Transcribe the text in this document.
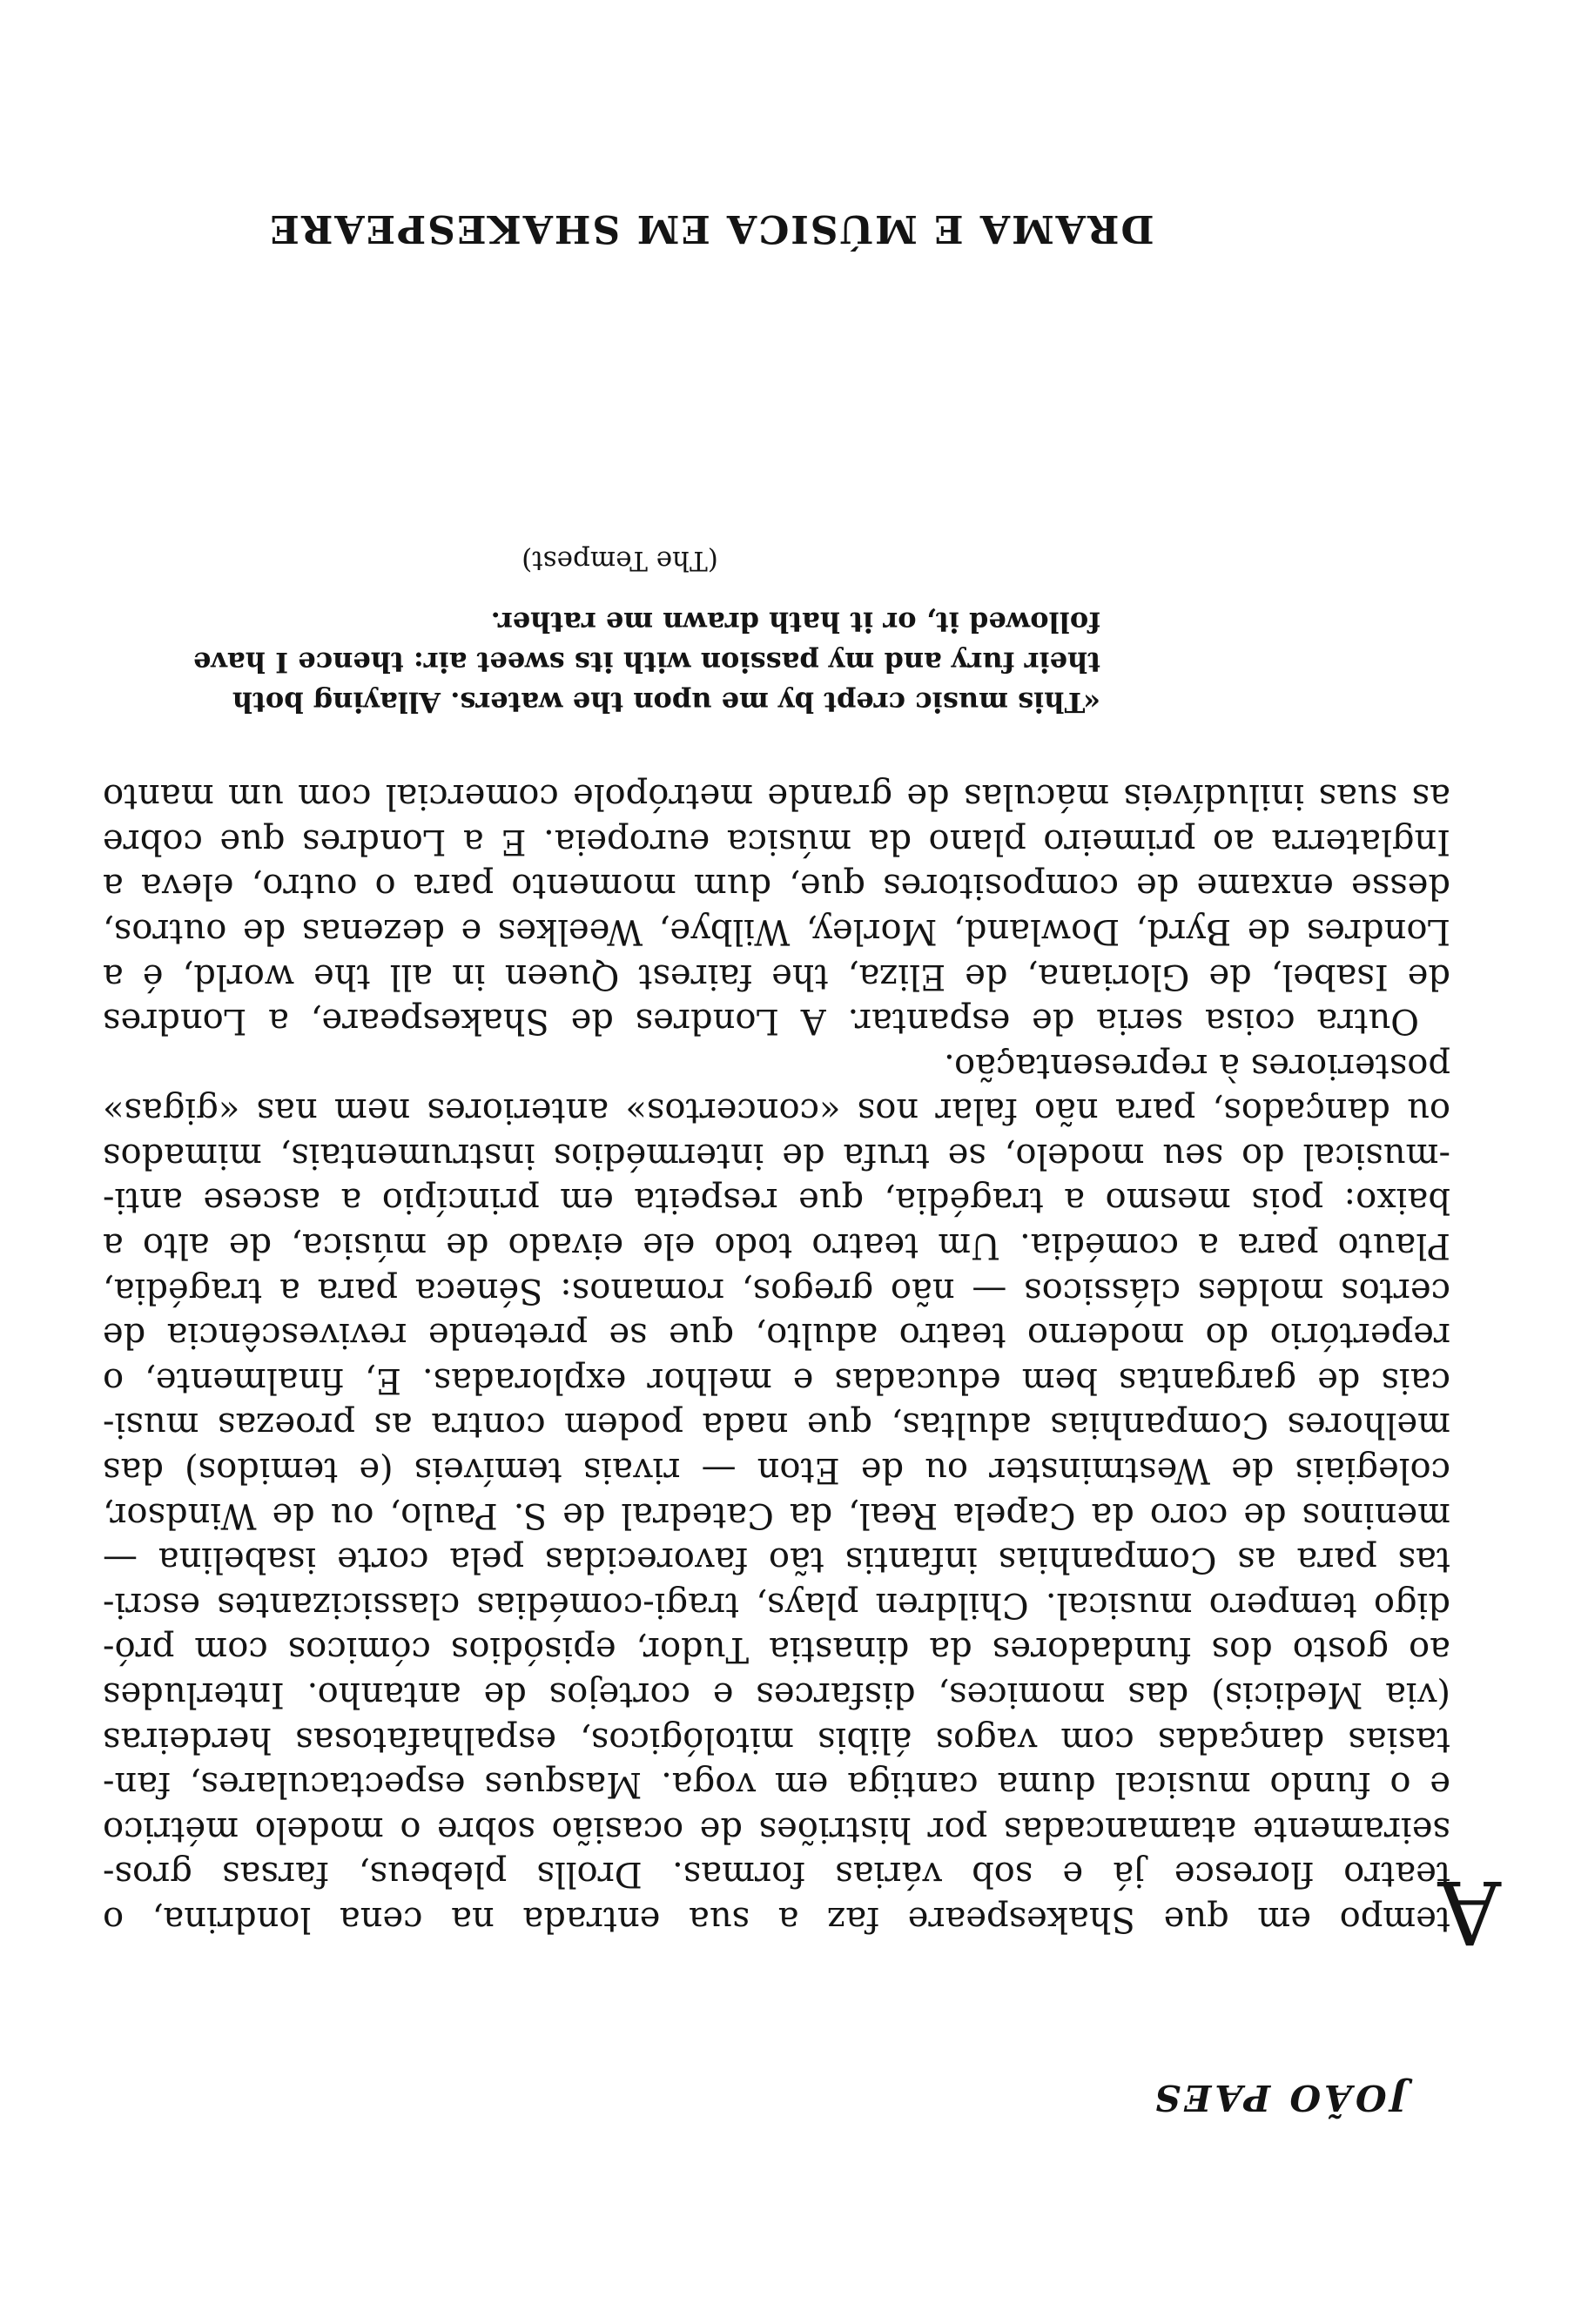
JOÃO PAES

A
tempo em que Shakespeare faz a sua entrada na cena londrina, o
teatro floresce já e sob várias formas. Drolls plebeus, farsas gros-
seiramente atamancadas por histriões de ocasião sobre o modelo métrico
e o fundo musical duma cantiga em voga. Masques espectaculares, fan-
tasias dançadas com vagos álibis mitológicos, espalhafatosas herdeiras
(via Medicis) das momices, disfarces e cortejos de antanho. Interludes
ao gosto dos fundadores da dinastia Tudor, episódios cómicos com pró-
digo tempero musical. Children plays, tragi-comédias classicizantes escri-
tas para as Companhias infantis tão favorecidas pela corte isabelina —
meninos de coro da Capela Real, da Catedral de S. Paulo, ou de Windsor,
colegiais de Westminster ou de Eton — rivais temíveis (e temidos) das
melhores Companhias adultas, que nada podem contra as proezas musi-
cais de gargantas bem educadas e melhor exploradas. E, finalmente, o
repertório do moderno teatro adulto, que se pretende revivescência de
certos moldes clássicos — não gregos, romanos: Séneca para a tragédia,
Plauto para a comédia. Um teatro todo ele eivado de música, de alto a
baixo: pois mesmo a tragédia, que respeita em princípio a ascese anti-
-musical do seu modelo, se trufa de intermédios instrumentais, mimados
ou dançados, para não falar nos «concertos» anteriores nem nas «gigas»
posteriores à representação.

Outra coisa seria de espantar. A Londres de Shakespeare, a Londres
de Isabel, de Gloriana, de Eliza, the fairest Queen in all the world, é a
Londres de Byrd, Dowland, Morley, Wilbye, Weelkes e dezenas de outros,
desse enxame de compositores que, dum momento para o outro, eleva a
Inglaterra ao primeiro plano da música europeia. E a Londres que cobre
as suas iniludíveis máculas de grande metrópole comercial com um manto

«This music crept by me upon the waters. Allaying both
their fury and my passion with its sweet air: thence I have
followed it, or it hath drawn me rather.
(The Tempest)
DRAMA E MÚSICA EM SHAKESPEARE
